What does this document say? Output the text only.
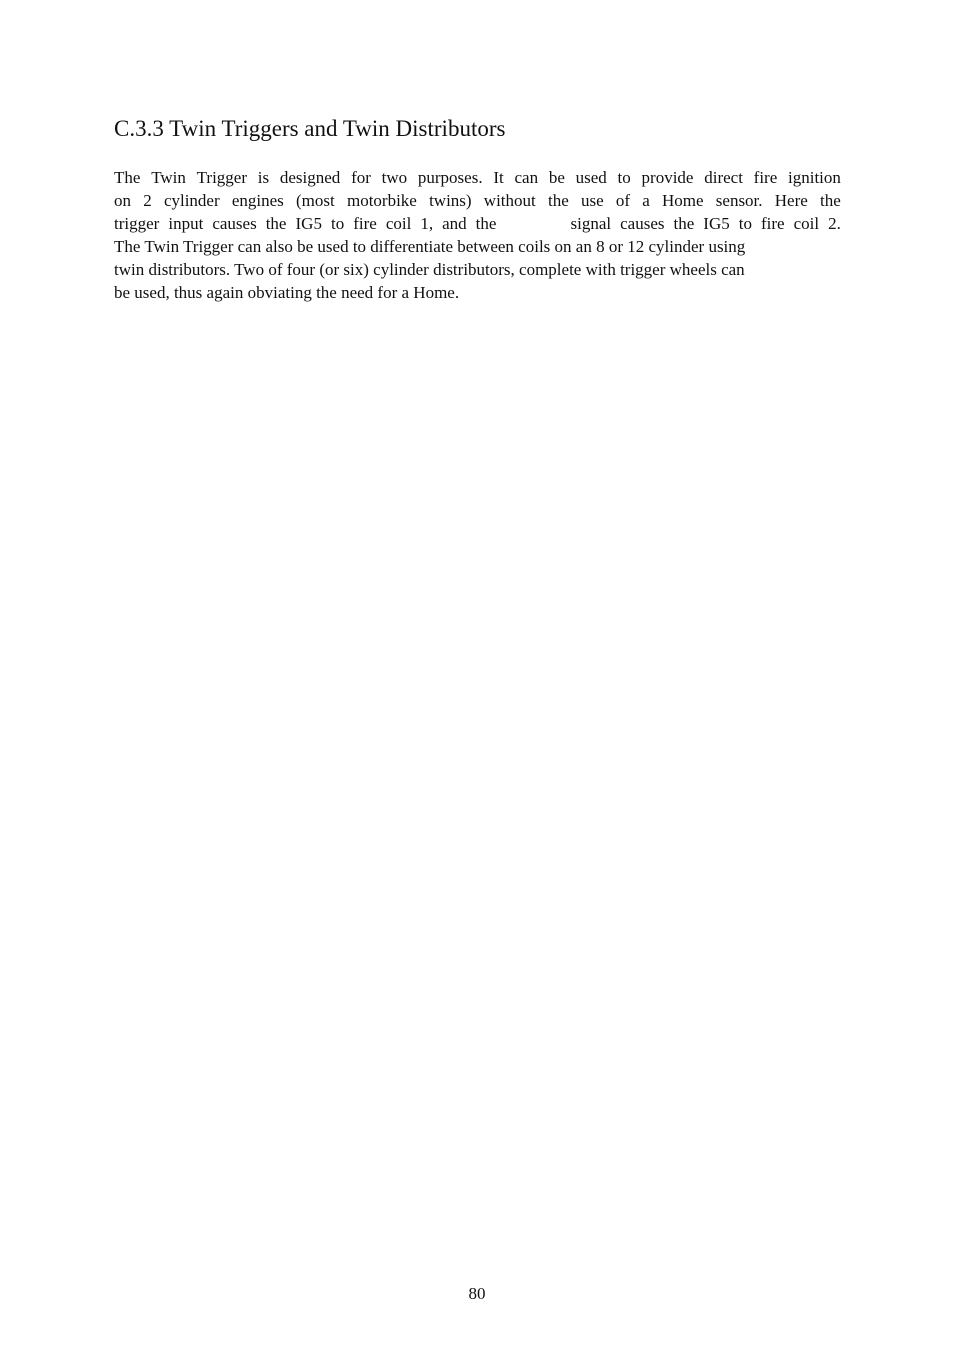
C.3.3 Twin Triggers and Twin Distributors
The Twin Trigger is designed for two purposes. It can be used to provide direct fire ignition
on 2 cylinder engines (most motorbike twins) without the use of a Home sensor. Here the
trigger input causes the IG5 to fire coil 1, and the	signal causes the IG5 to fire coil 2.
The Twin Trigger can also be used to differentiate between coils on an 8 or 12 cylinder using
twin distributors. Two of four (or six) cylinder distributors, complete with trigger wheels can
be used, thus again obviating the need for a Home.
80
